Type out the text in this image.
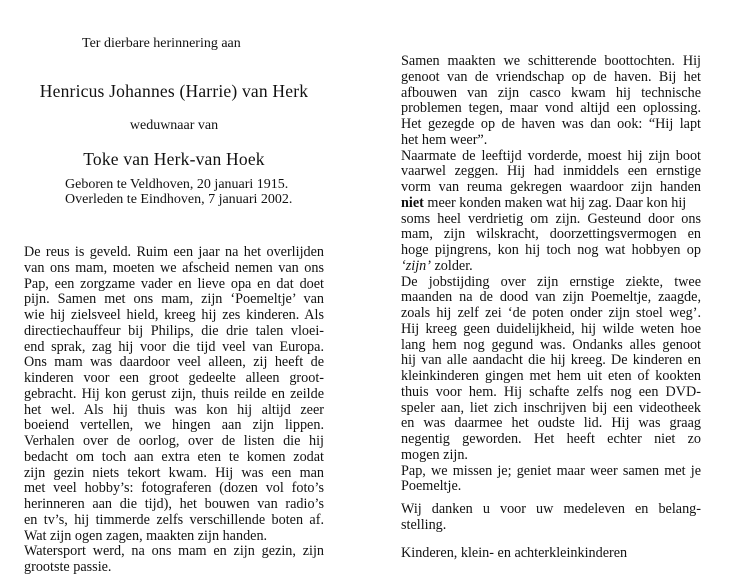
Ter dierbare herinnering aan
Henricus Johannes (Harrie) van Herk
weduwnaar van
Toke van Herk-van Hoek
Geboren te Veldhoven, 20 januari 1915.
Overleden te Eindhoven, 7 januari 2002.
De reus is geveld. Ruim een jaar na het overlijden
van ons mam, moeten we afscheid nemen van ons
Pap, een zorgzame vader en lieve opa en dat doet
pijn. Samen met ons mam, zijn ‘Poemeltje’ van
wie hij zielsveel hield, kreeg hij zes kinderen. Als
directiechauffeur bij Philips, die drie talen vloei-
end sprak, zag hij voor die tijd veel van Europa.
Ons mam was daardoor veel alleen, zij heeft de
kinderen voor een groot gedeelte alleen groot-
gebracht. Hij kon gerust zijn, thuis reilde en zeilde
het wel. Als hij thuis was kon hij altijd zeer
boeiend vertellen, we hingen aan zijn lippen.
Verhalen over de oorlog, over de listen die hij
bedacht om toch aan extra eten te komen zodat
zijn gezin niets tekort kwam. Hij was een man
met veel hobby’s: fotograferen (dozen vol foto’s
herinneren aan die tijd), het bouwen van radio’s
en tv’s, hij timmerde zelfs verschillende boten af.
Wat zijn ogen zagen, maakten zijn handen.
Watersport werd, na ons mam en zijn gezin, zijn
grootste passie.
Samen maakten we schitterende boottochten. Hij
genoot van de vriendschap op de haven. Bij het
afbouwen van zijn casco kwam hij technische
problemen tegen, maar vond altijd een oplossing.
Het gezegde op de haven was dan ook: “Hij lapt
het hem weer”.
Naarmate de leeftijd vorderde, moest hij zijn boot
vaarwel zeggen. Hij had inmiddels een ernstige
vorm van reuma gekregen waardoor zijn handen
niet meer konden maken wat hij zag. Daar kon hij
soms heel verdrietig om zijn. Gesteund door ons
mam, zijn wilskracht, doorzettingsvermogen en
hoge pijngrens, kon hij toch nog wat hobbyen op
‘zijn’ zolder.
De jobstijding over zijn ernstige ziekte, twee
maanden na de dood van zijn Poemeltje, zaagde,
zoals hij zelf zei ‘de poten onder zijn stoel weg’.
Hij kreeg geen duidelijkheid, hij wilde weten hoe
lang hem nog gegund was. Ondanks alles genoot
hij van alle aandacht die hij kreeg. De kinderen en
kleinkinderen gingen met hem uit eten of kookten
thuis voor hem. Hij schafte zelfs nog een DVD-
speler aan, liet zich inschrijven bij een videotheek
en was daarmee het oudste lid. Hij was graag
negentig geworden. Het heeft echter niet zo
mogen zijn.
Pap, we missen je; geniet maar weer samen met je
Poemeltje.
Wij danken u voor uw medeleven en belang-
stelling.
Kinderen, klein- en achterkleinkinderen
